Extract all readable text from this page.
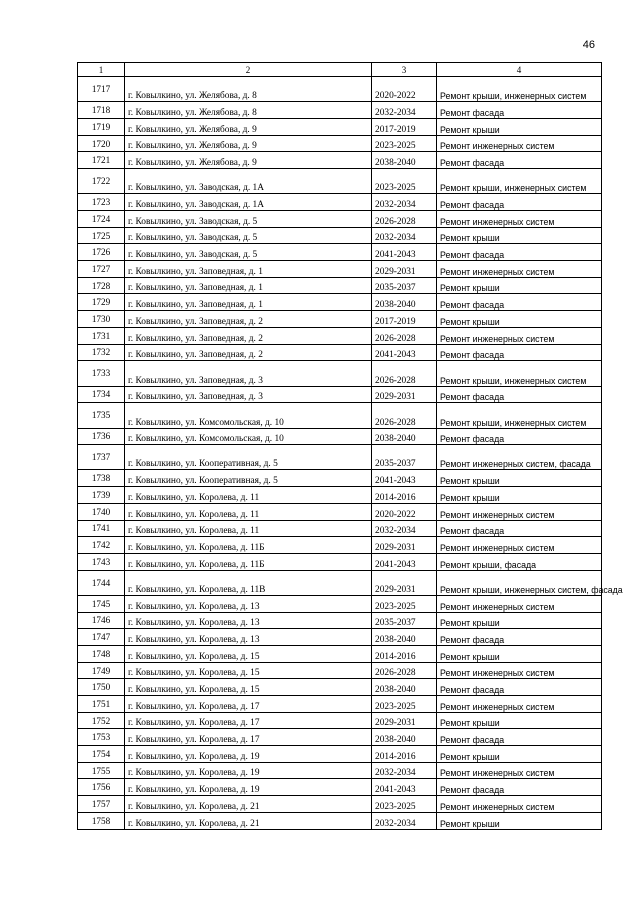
46
1	2	3	4
1717	г. Ковылкино, ул. Желябова, д. 8	2020-2022	Ремонт крыши, инженерных систем
1718	г. Ковылкино, ул. Желябова, д. 8	2032-2034	Ремонт фасада
1719	г. Ковылкино, ул. Желябова, д. 9	2017-2019	Ремонт крыши
1720	г. Ковылкино, ул. Желябова, д. 9	2023-2025	Ремонт инженерных систем
1721	г. Ковылкино, ул. Желябова, д. 9	2038-2040	Ремонт фасада
1722	г. Ковылкино, ул. Заводская, д. 1А	2023-2025	Ремонт крыши, инженерных систем
1723	г. Ковылкино, ул. Заводская, д. 1А	2032-2034	Ремонт фасада
1724	г. Ковылкино, ул. Заводская, д. 5	2026-2028	Ремонт инженерных систем
1725	г. Ковылкино, ул. Заводская, д. 5	2032-2034	Ремонт крыши
1726	г. Ковылкино, ул. Заводская, д. 5	2041-2043	Ремонт фасада
1727	г. Ковылкино, ул. Заповедная, д. 1	2029-2031	Ремонт инженерных систем
1728	г. Ковылкино, ул. Заповедная, д. 1	2035-2037	Ремонт крыши
1729	г. Ковылкино, ул. Заповедная, д. 1	2038-2040	Ремонт фасада
1730	г. Ковылкино, ул. Заповедная, д. 2	2017-2019	Ремонт крыши
1731	г. Ковылкино, ул. Заповедная, д. 2	2026-2028	Ремонт инженерных систем
1732	г. Ковылкино, ул. Заповедная, д. 2	2041-2043	Ремонт фасада
1733	г. Ковылкино, ул. Заповедная, д. 3	2026-2028	Ремонт крыши, инженерных систем
1734	г. Ковылкино, ул. Заповедная, д. 3	2029-2031	Ремонт фасада
1735	г. Ковылкино, ул. Комсомольская, д. 10	2026-2028	Ремонт крыши, инженерных систем
1736	г. Ковылкино, ул. Комсомольская, д. 10	2038-2040	Ремонт фасада
1737	г. Ковылкино, ул. Кооперативная, д. 5	2035-2037	Ремонт инженерных систем, фасада
1738	г. Ковылкино, ул. Кооперативная, д. 5	2041-2043	Ремонт крыши
1739	г. Ковылкино, ул. Королева, д. 11	2014-2016	Ремонт крыши
1740	г. Ковылкино, ул. Королева, д. 11	2020-2022	Ремонт инженерных систем
1741	г. Ковылкино, ул. Королева, д. 11	2032-2034	Ремонт фасада
1742	г. Ковылкино, ул. Королева, д. 11Б	2029-2031	Ремонт инженерных систем
1743	г. Ковылкино, ул. Королева, д. 11Б	2041-2043	Ремонт крыши, фасада
1744	г. Ковылкино, ул. Королева, д. 11В	2029-2031	Ремонт крыши, инженерных систем, фасада
1745	г. Ковылкино, ул. Королева, д. 13	2023-2025	Ремонт инженерных систем
1746	г. Ковылкино, ул. Королева, д. 13	2035-2037	Ремонт крыши
1747	г. Ковылкино, ул. Королева, д. 13	2038-2040	Ремонт фасада
1748	г. Ковылкино, ул. Королева, д. 15	2014-2016	Ремонт крыши
1749	г. Ковылкино, ул. Королева, д. 15	2026-2028	Ремонт инженерных систем
1750	г. Ковылкино, ул. Королева, д. 15	2038-2040	Ремонт фасада
1751	г. Ковылкино, ул. Королева, д. 17	2023-2025	Ремонт инженерных систем
1752	г. Ковылкино, ул. Королева, д. 17	2029-2031	Ремонт крыши
1753	г. Ковылкино, ул. Королева, д. 17	2038-2040	Ремонт фасада
1754	г. Ковылкино, ул. Королева, д. 19	2014-2016	Ремонт крыши
1755	г. Ковылкино, ул. Королева, д. 19	2032-2034	Ремонт инженерных систем
1756	г. Ковылкино, ул. Королева, д. 19	2041-2043	Ремонт фасада
1757	г. Ковылкино, ул. Королева, д. 21	2023-2025	Ремонт инженерных систем
1758	г. Ковылкино, ул. Королева, д. 21	2032-2034	Ремонт крыши
